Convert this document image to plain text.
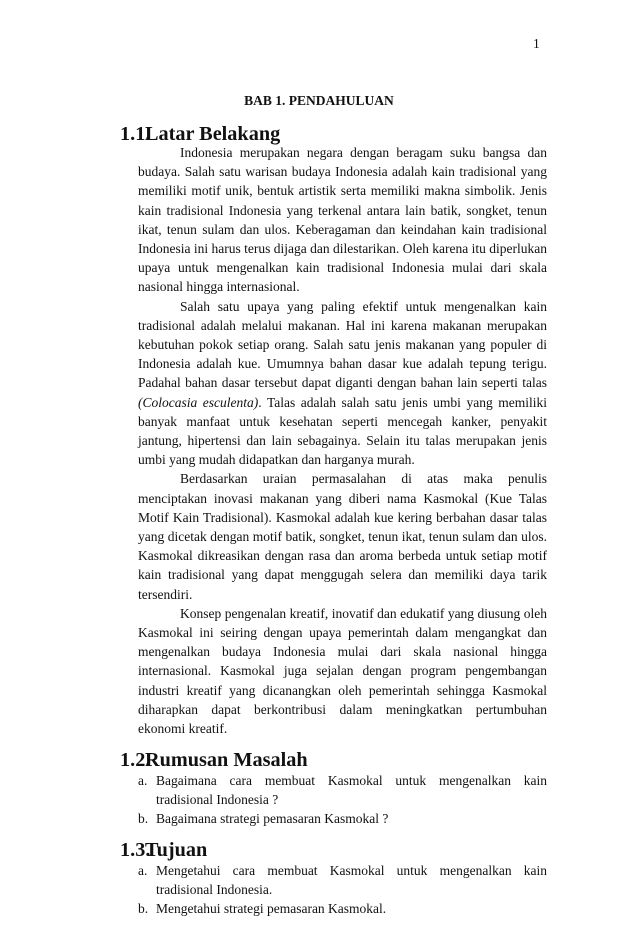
1
BAB 1. PENDAHULUAN
1.1.Latar Belakang

Indonesia merupakan negara dengan beragam suku bangsa dan budaya. Salah satu warisan budaya Indonesia adalah kain tradisional yang memiliki motif unik, bentuk artistik serta memiliki makna simbolik. Jenis kain tradisional Indonesia yang terkenal antara lain batik, songket, tenun ikat, tenun sulam dan ulos. Keberagaman dan keindahan kain tradisional Indonesia ini harus terus dijaga dan dilestarikan. Oleh karena itu diperlukan upaya untuk mengenalkan kain tradisional Indonesia mulai dari skala nasional hingga internasional.

Salah satu upaya yang paling efektif untuk mengenalkan kain tradisional adalah melalui makanan. Hal ini karena makanan merupakan kebutuhan pokok setiap orang. Salah satu jenis makanan yang populer di Indonesia adalah kue. Umumnya bahan dasar kue adalah tepung terigu. Padahal bahan dasar tersebut dapat diganti dengan bahan lain seperti talas (Colocasia esculenta). Talas adalah salah satu jenis umbi yang memiliki banyak manfaat untuk kesehatan seperti mencegah kanker, penyakit jantung, hipertensi dan lain sebagainya. Selain itu talas merupakan jenis umbi yang mudah didapatkan dan harganya murah.

Berdasarkan uraian permasalahan di atas maka penulis menciptakan inovasi makanan yang diberi nama Kasmokal (Kue Talas Motif Kain Tradisional). Kasmokal adalah kue kering berbahan dasar talas yang dicetak dengan motif batik, songket, tenun ikat, tenun sulam dan ulos. Kasmokal dikreasikan dengan rasa dan aroma berbeda untuk setiap motif kain tradisional yang dapat menggugah selera dan memiliki daya tarik tersendiri.

Konsep pengenalan kreatif, inovatif dan edukatif yang diusung oleh Kasmokal ini seiring dengan upaya pemerintah dalam mengangkat dan mengenalkan budaya Indonesia mulai dari skala nasional hingga internasional. Kasmokal juga sejalan dengan program pengembangan industri kreatif yang dicanangkan oleh pemerintah sehingga Kasmokal diharapkan dapat berkontribusi dalam meningkatkan pertumbuhan ekonomi kreatif.

1.2.Rumusan Masalah
a. Bagaimana cara membuat Kasmokal untuk mengenalkan kain tradisional Indonesia ?
b. Bagaimana strategi pemasaran Kasmokal ?
1.3.Tujuan
a. Mengetahui cara membuat Kasmokal untuk mengenalkan kain tradisional Indonesia.
b. Mengetahui strategi pemasaran Kasmokal.
